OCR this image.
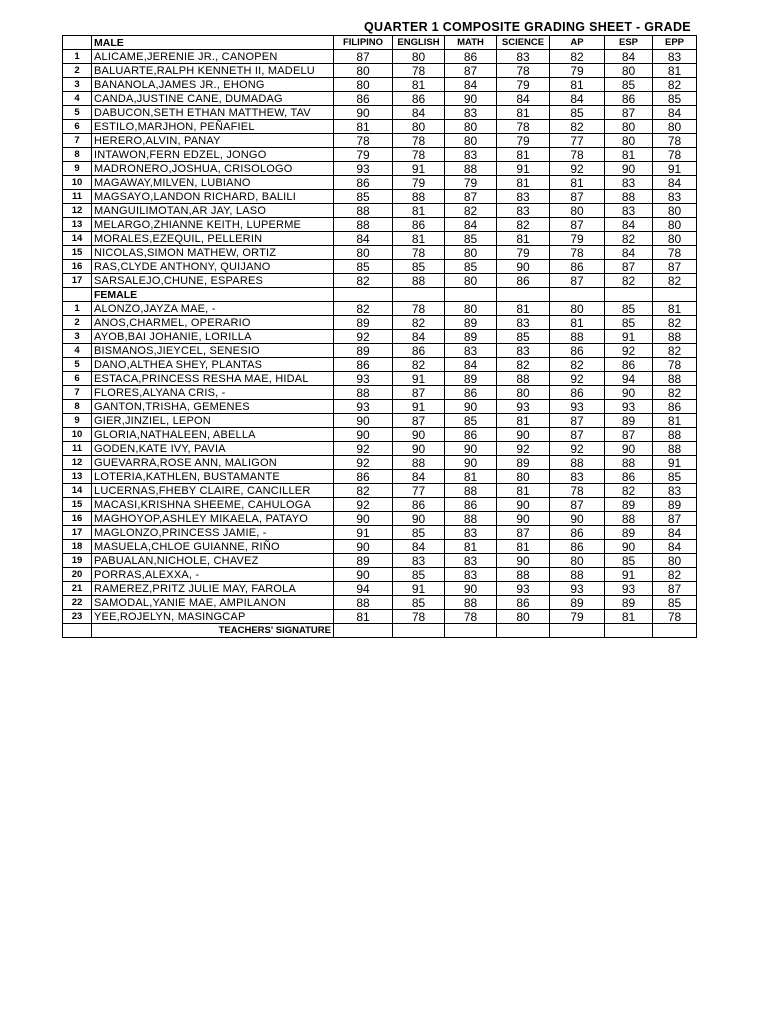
QUARTER 1 COMPOSITE GRADING SHEET - GRADE
	MALE	FILIPINO	ENGLISH	MATH	SCIENCE	AP	ESP	EPP
1	ALICAME,JERENIE JR., CANOPEN	87	80	86	83	82	84	83
2	BALUARTE,RALPH KENNETH II, MADELU	80	78	87	78	79	80	81
3	BANANOLA,JAMES JR., EHONG	80	81	84	79	81	85	82
4	CANDA,JUSTINE CANE, DUMADAG	86	86	90	84	84	86	85
5	DABUCON,SETH ETHAN MATTHEW, TAV	90	84	83	81	85	87	84
6	ESTILO,MARJHON, PEÑAFIEL	81	80	80	78	82	80	80
7	HERERO,ALVIN, PANAY	78	78	80	79	77	80	78
8	INTAWON,FERN EDZEL, JONGO	79	78	83	81	78	81	78
9	MADRONERO,JOSHUA, CRISOLOGO	93	91	88	91	92	90	91
10	MAGAWAY,MILVEN, LUBIANO	86	79	79	81	81	83	84
11	MAGSAYO,LANDON RICHARD, BALILI	85	88	87	83	87	88	83
12	MANGUILIMOTAN,AR JAY, LASO	88	81	82	83	80	83	80
13	MELARGO,ZHIANNE KEITH, LUPERME	88	86	84	82	87	84	80
14	MORALES,EZEQUIL, PELLERIN	84	81	85	81	79	82	80
15	NICOLAS,SIMON MATHEW, ORTIZ	80	78	80	79	78	84	78
16	RAS,CLYDE ANTHONY, QUIJANO	85	85	85	90	86	87	87
17	SARSALEJO,CHUNE, ESPARES	82	88	80	86	87	82	82
	FEMALE							
1	ALONZO,JAYZA MAE, -	82	78	80	81	80	85	81
2	ANOS,CHARMEL, OPERARIO	89	82	89	83	81	85	82
3	AYOB,BAI JOHANIE, LORILLA	92	84	89	85	88	91	88
4	BISMANOS,JIEYCEL, SENESIO	89	86	83	83	86	92	82
5	DANO,ALTHEA SHEY, PLANTAS	86	82	84	82	82	86	78
6	ESTACA,PRINCESS RESHA MAE, HIDAL	93	91	89	88	92	94	88
7	FLORES,ALYANA CRIS, -	88	87	86	80	86	90	82
8	GANTON,TRISHA, GEMENES	93	91	90	93	93	93	86
9	GIER,JINZIEL, LEPON	90	87	85	81	87	89	81
10	GLORIA,NATHALEEN, ABELLA	90	90	86	90	87	87	88
11	GODEN,KATE IVY, PAVIA	92	90	90	92	92	90	88
12	GUEVARRA,ROSE ANN, MALIGON	92	88	90	89	88	88	91
13	LOTERIA,KATHLEN, BUSTAMANTE	86	84	81	80	83	86	85
14	LUCERNAS,FHEBY CLAIRE, CANCILLER	82	77	88	81	78	82	83
15	MACASI,KRISHNA SHEEME, CAHULOGA	92	86	86	90	87	89	89
16	MAGHOYOP,ASHLEY MIKAELA, PATAYO	90	90	88	90	90	88	87
17	MAGLONZO,PRINCESS JAMIE, -	91	85	83	87	86	89	84
18	MASUELA,CHLOE GUIANNE, RIÑO	90	84	81	81	86	90	84
19	PABUALAN,NICHOLE, CHAVEZ	89	83	83	90	80	85	80
20	PORRAS,ALEXXA, -	90	85	83	88	88	91	82
21	RAMEREZ,PRITZ JULIE MAY, FAROLA	94	91	90	93	93	93	87
22	SAMODAL,YANIE MAE, AMPILANON	88	85	88	86	89	89	85
23	YEE,ROJELYN, MASINGCAP	81	78	78	80	79	81	78
	TEACHERS' SIGNATURE							
